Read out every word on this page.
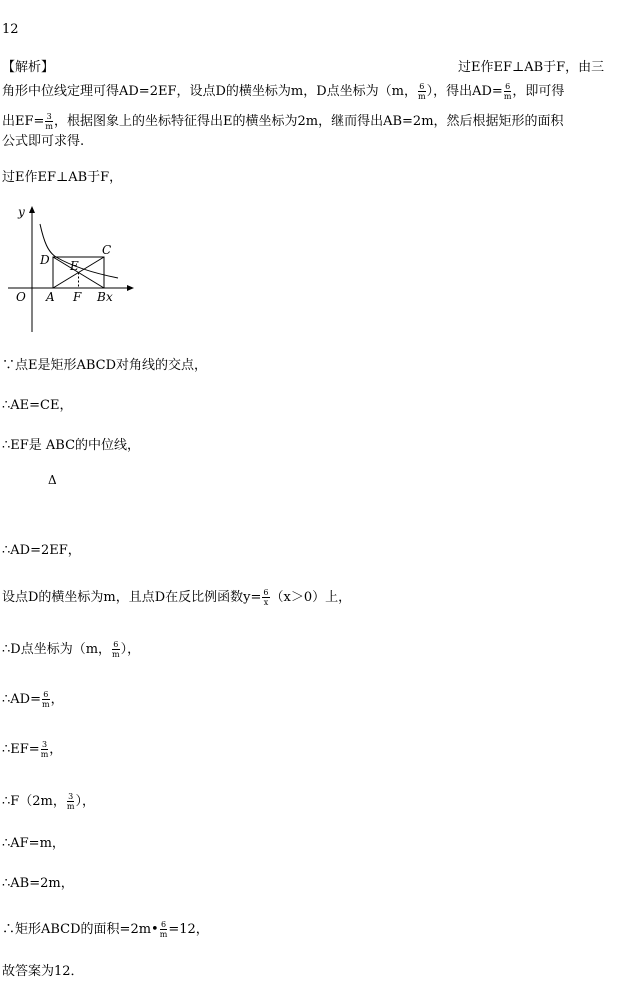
12
【解析】	过E作EF⊥AB于F，由三
角形中位线定理可得AD=2EF，设点D的横坐标为m，D点坐标为（m， $\frac{6}{m}$ ），得出$AD= \frac{6}{m}$ ，即可得
出$EF= \frac{3}{m}$ ，根据图象上的坐标特征得出E的横坐标为2m，继而得出AB=2m，然后根据矩形的面积
公式即可求得.
过E作EF⊥AB于F，
y
x
O A F B
C
D E
∵点E是矩形ABCD对角线的交点，
∴AE=CE，
∴EF是 ABC的中位线，
Δ
∴AD=2EF，
设点D的横坐标为m，且点D在反比例函数$y= \frac{6}{x} (x>0)$上，
∴D点坐标为（m， $\frac{6}{m}$ ），
∴AD= $\frac{6}{m}$ ，
∴EF= $\frac{3}{m}$ ，
∴F（2m， $\frac{3}{m}$ ），
∴AF=m，
∴AB=2m，
∴矩形ABCD的面积=2m• $\frac{6}{m} =12$，
故答案为12．
